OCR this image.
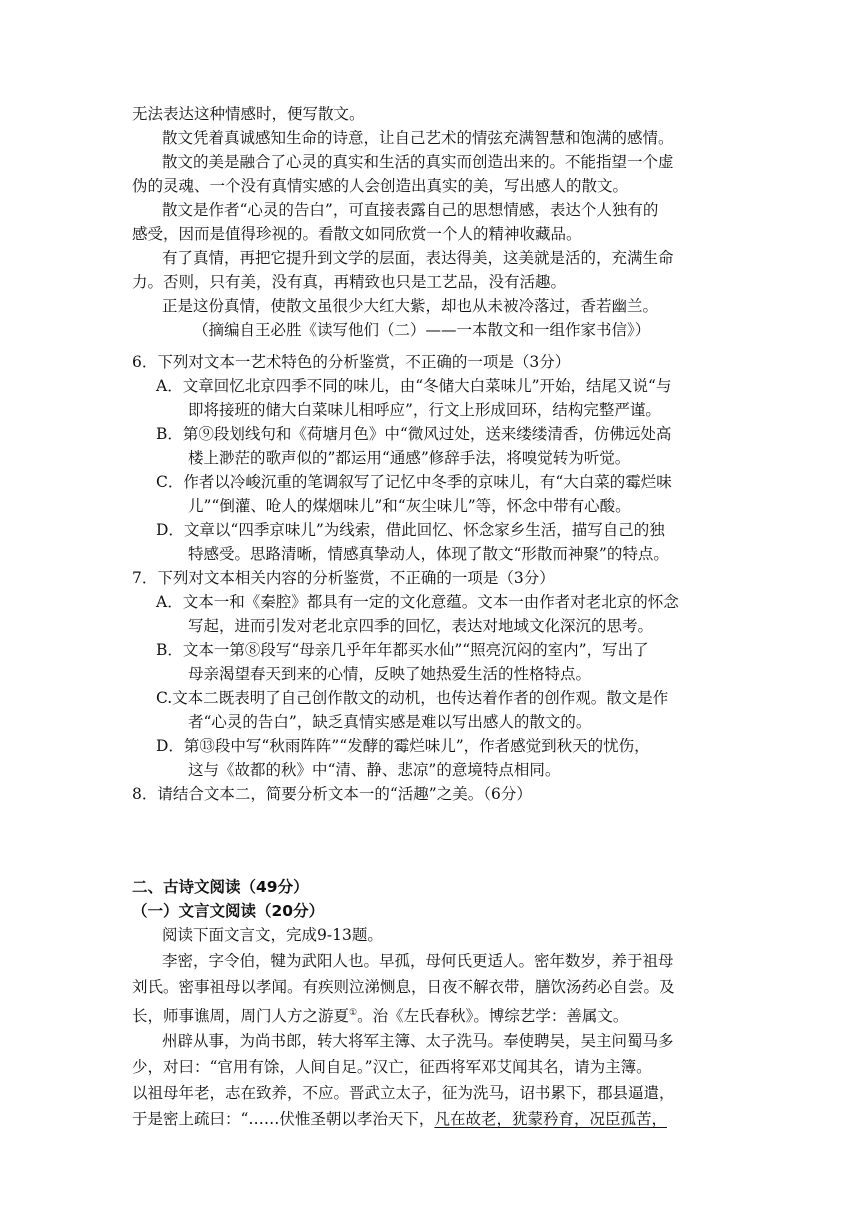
无法表达这种情感时，便写散文。
散文凭着真诚感知生命的诗意，让自己艺术的情弦充满智慧和饱满的感情。
散文的美是融合了心灵的真实和生活的真实而创造出来的。不能指望一个虚
伪的灵魂、一个没有真情实感的人会创造出真实的美，写出感人的散文。
散文是作者“心灵的告白”，可直接表露自己的思想情感，表达个人独有的
感受，因而是值得珍视的。看散文如同欣赏一个人的精神收藏品。
有了真情，再把它提升到文学的层面，表达得美，这美就是活的，充满生命
力。否则，只有美，没有真，再精致也只是工艺品，没有活趣。
正是这份真情，使散文虽很少大红大紫，却也从未被冷落过，香若幽兰。
（摘编自王必胜《读写他们（二）——一本散文和一组作家书信》）
6．下列对文本一艺术特色的分析鉴赏，不正确的一项是（3分）
A．文章回忆北京四季不同的味儿，由“冬储大白菜味儿”开始，结尾又说“与
即将接班的储大白菜味儿相呼应”，行文上形成回环，结构完整严谨。
B．第⑨段划线句和《荷塘月色》中“微风过处，送来缕缕清香，仿佛远处高
楼上渺茫的歌声似的”都运用“通感”修辞手法，将嗅觉转为听觉。
C．作者以冷峻沉重的笔调叙写了记忆中冬季的京味儿，有“大白菜的霉烂味
儿”“倒灌、呛人的煤烟味儿”和“灰尘味儿”等，怀念中带有心酸。
D．文章以“四季京味儿”为线索，借此回忆、怀念家乡生活，描写自己的独
特感受。思路清晰，情感真挚动人，体现了散文“形散而神聚”的特点。
7．下列对文本相关内容的分析鉴赏，不正确的一项是（3分）
A．文本一和《秦腔》都具有一定的文化意蕴。文本一由作者对老北京的怀念
写起，进而引发对老北京四季的回忆，表达对地域文化深沉的思考。
B．文本一第⑧段写“母亲几乎年年都买水仙”“照亮沉闷的室内”，写出了
母亲渴望春天到来的心情，反映了她热爱生活的性格特点。
C.文本二既表明了自己创作散文的动机，也传达着作者的创作观。散文是作
者“心灵的告白”，缺乏真情实感是难以写出感人的散文的。
D．第⑬段中写“秋雨阵阵”“发酵的霉烂味儿”，作者感觉到秋天的忧伤，
这与《故都的秋》中“清、静、悲凉”的意境特点相同。
8．请结合文本二，简要分析文本一的“活趣”之美。（6分）
二、古诗文阅读（49分）
（一）文言文阅读（20分）
阅读下面文言文，完成9-13题。
李密，字令伯，犍为武阳人也。早孤，母何氏更适人。密年数岁，养于祖母
刘氏。密事祖母以孝闻。有疾则泣涕恻息，日夜不解衣带，膳饮汤药必自尝。及
长，师事谯周，周门人方之游夏①。治《左氏春秋》。博综艺学：善属文。
州辟从事，为尚书郎，转大将军主簿、太子洗马。奉使聘吴，吴主问蜀马多
少，对曰：“官用有馀，人间自足。”汉亡，征西将军邓艾闻其名，请为主簿。
以祖母年老，志在致养，不应。晋武立太子，征为洗马，诏书累下，郡县逼遣，
于是密上疏曰：“……伏惟圣朝以孝治天下，凡在故老，犹蒙矜育，况臣孤苦，
